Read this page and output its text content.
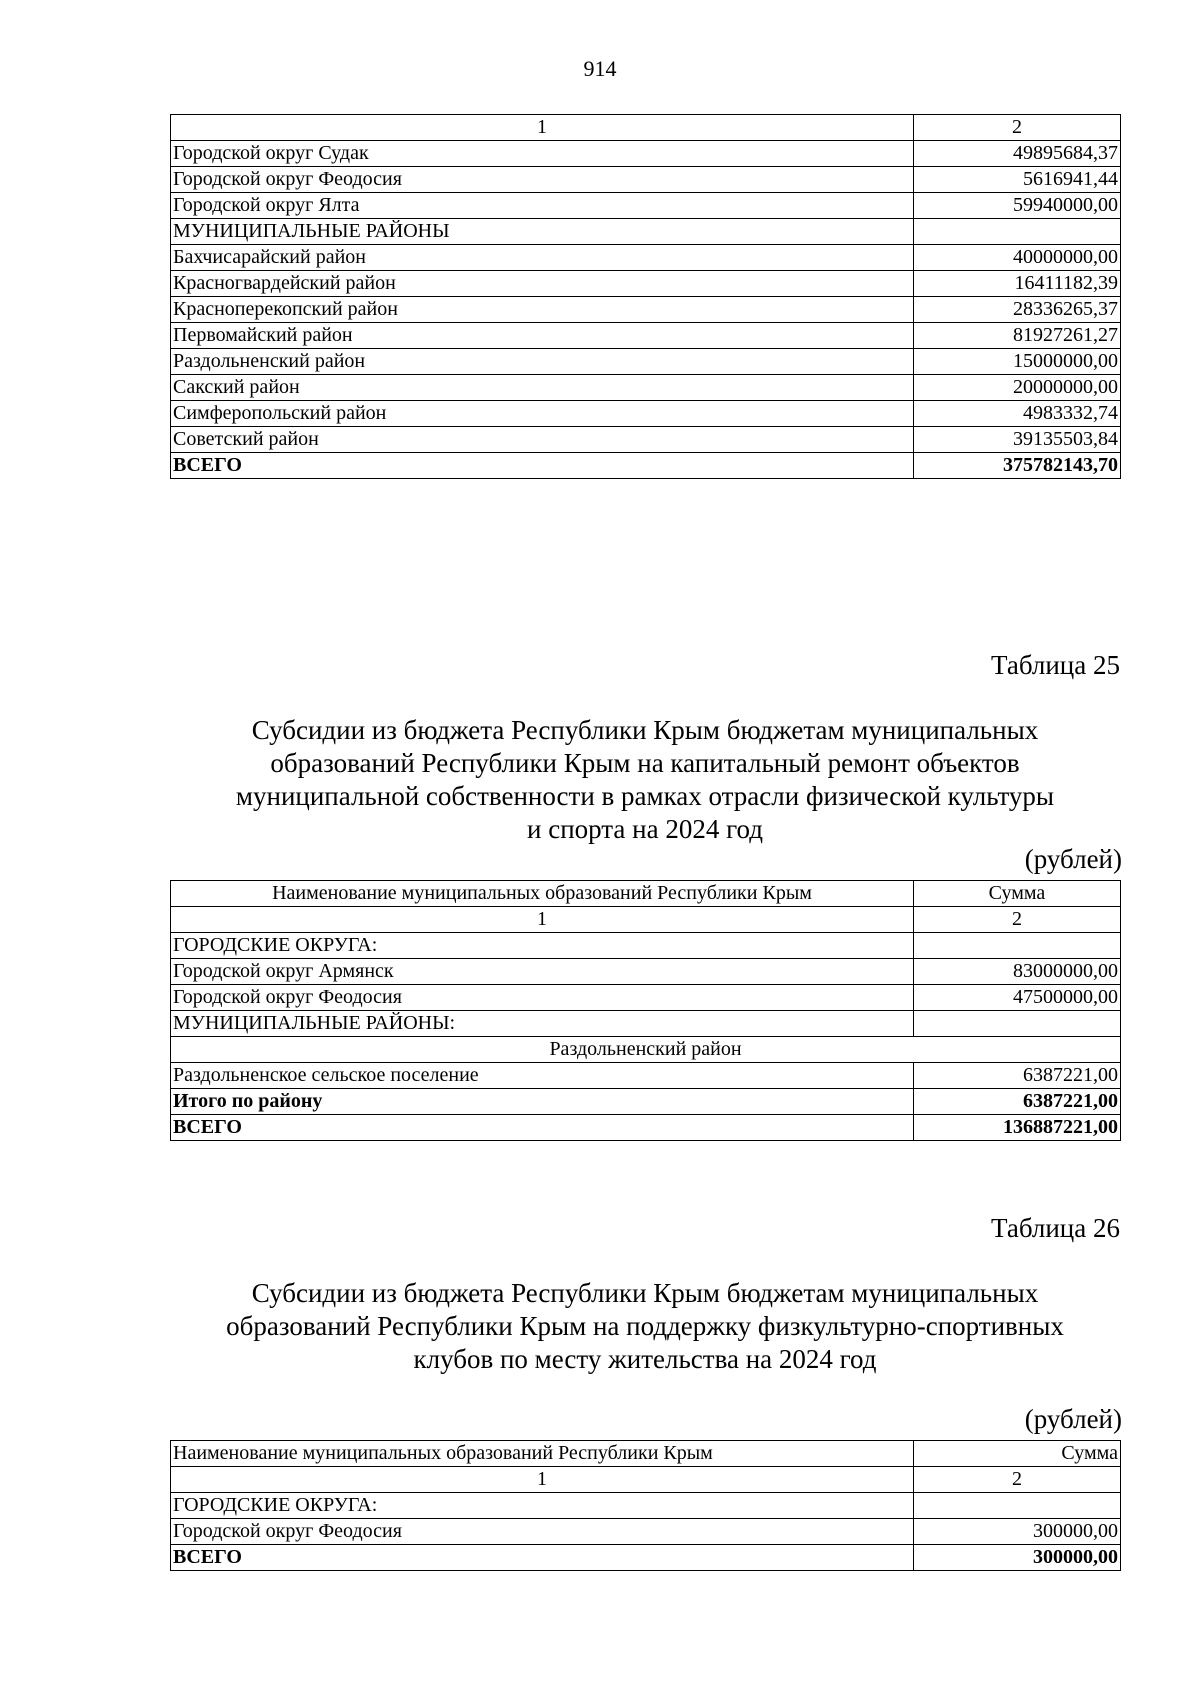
914
1	2
Городской округ Судак	49895684,37
Городской округ Феодосия	5616941,44
Городской округ Ялта	59940000,00
МУНИЦИПАЛЬНЫЕ РАЙОНЫ	
Бахчисарайский район	40000000,00
Красногвардейский район	16411182,39
Красноперекопский район	28336265,37
Первомайский район	81927261,27
Раздольненский район	15000000,00
Сакский район	20000000,00
Симферопольский район	4983332,74
Советский район	39135503,84
ВСЕГО	375782143,70
Таблица 25
Субсидии из бюджета Республики Крым бюджетам муниципальных
образований Республики Крым на капитальный ремонт объектов
муниципальной собственности в рамках отрасли физической культуры
и спорта на 2024 год
(рублей)
Наименование муниципальных образований Республики Крым	Сумма
1	2
ГОРОДСКИЕ ОКРУГА:	
Городской округ Армянск	83000000,00
Городской округ Феодосия	47500000,00
МУНИЦИПАЛЬНЫЕ РАЙОНЫ:	
Раздольненский район	
Раздольненское сельское поселение	6387221,00
Итого по району	6387221,00
ВСЕГО	136887221,00
Таблица 26
Субсидии из бюджета Республики Крым бюджетам муниципальных
образований Республики Крым на поддержку физкультурно-спортивных
клубов по месту жительства на 2024 год
(рублей)
Наименование муниципальных образований Республики Крым	Сумма
1	2
ГОРОДСКИЕ ОКРУГА:	
Городской округ Феодосия	300000,00
ВСЕГО	300000,00
